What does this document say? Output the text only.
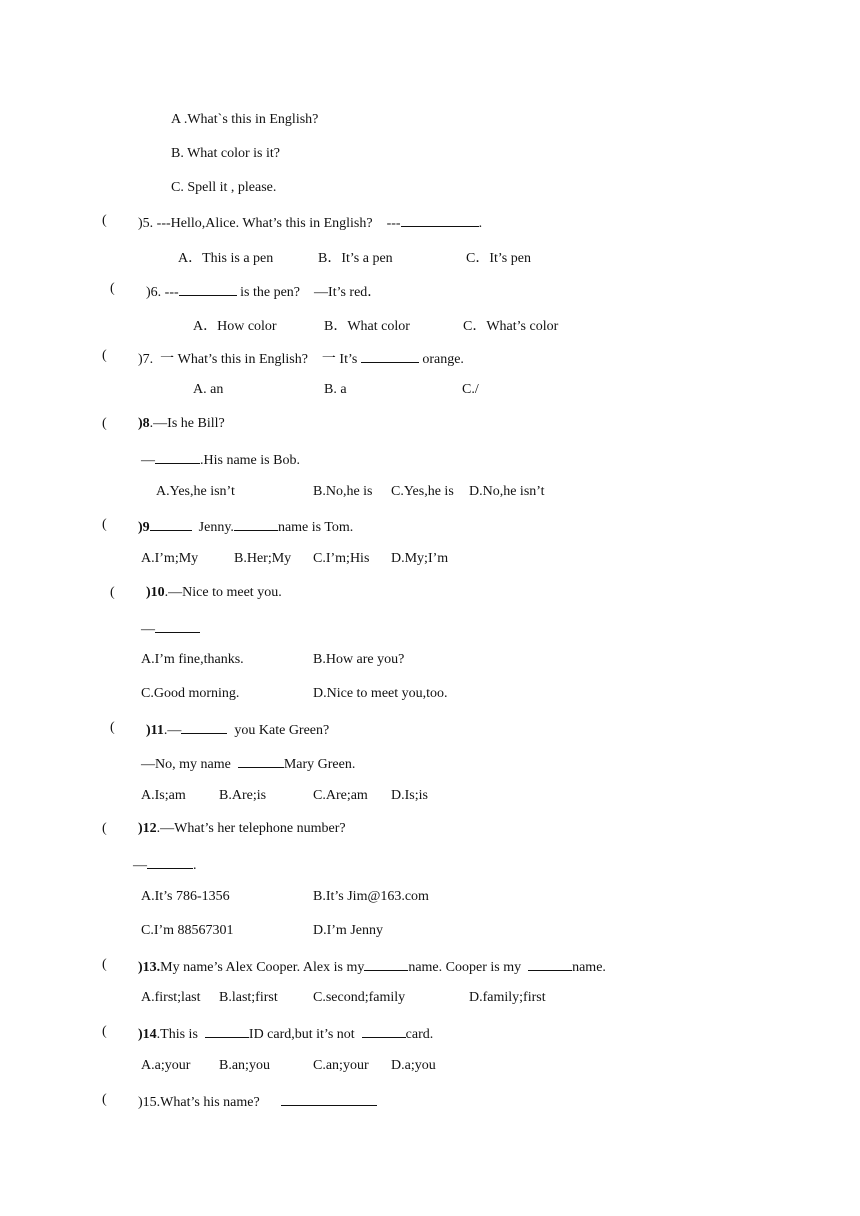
A .What`s this in English?
B. What color is it?
C. Spell it , please.
( )5. ---Hello,Alice. What’s this in English?    ---	.
A．This is a pen	B．It’s a pen	C．It’s pen
( )6. ---	is the pen?    —It’s red．
A．How color	B．What color	C．What’s color
( )7. 一 What’s this in English?    一 It’s	orange.
A. an	B. a	C./
( )8.—Is he Bill?
—	.His name is Bob.
A.Yes,he isn’t	B.No,he is C.Yes,he is D.No,he isn’t
( )9	Jenny.	name is Tom.
A.I’m;My	B.Her;My C.I’m;His D.My;I’m
( )10.—Nice to meet you.
—
A.I’m fine,thanks.	B.How are you?
C.Good morning.	D.Nice to meet you,too.
( )11.—	you Kate Green?
—No, my name	Mary Green.
A.Is;am B.Are;is	C.Are;am D.Is;is
( )12.—What’s her telephone number?
—	.
A.It’s 786-1356	B.It’s Jim@163.com
C.I’m 88567301	D.I’m Jenny
( )13.My name’s Alex Cooper. Alex is my	name. Cooper is my	name.
A.first;last B.last;first	C.second;family	D.family;first
( )14.This is	ID card,but it’s not	card.
A.a;your B.an;you	C.an;your D.a;you
( )15.What’s his name?
